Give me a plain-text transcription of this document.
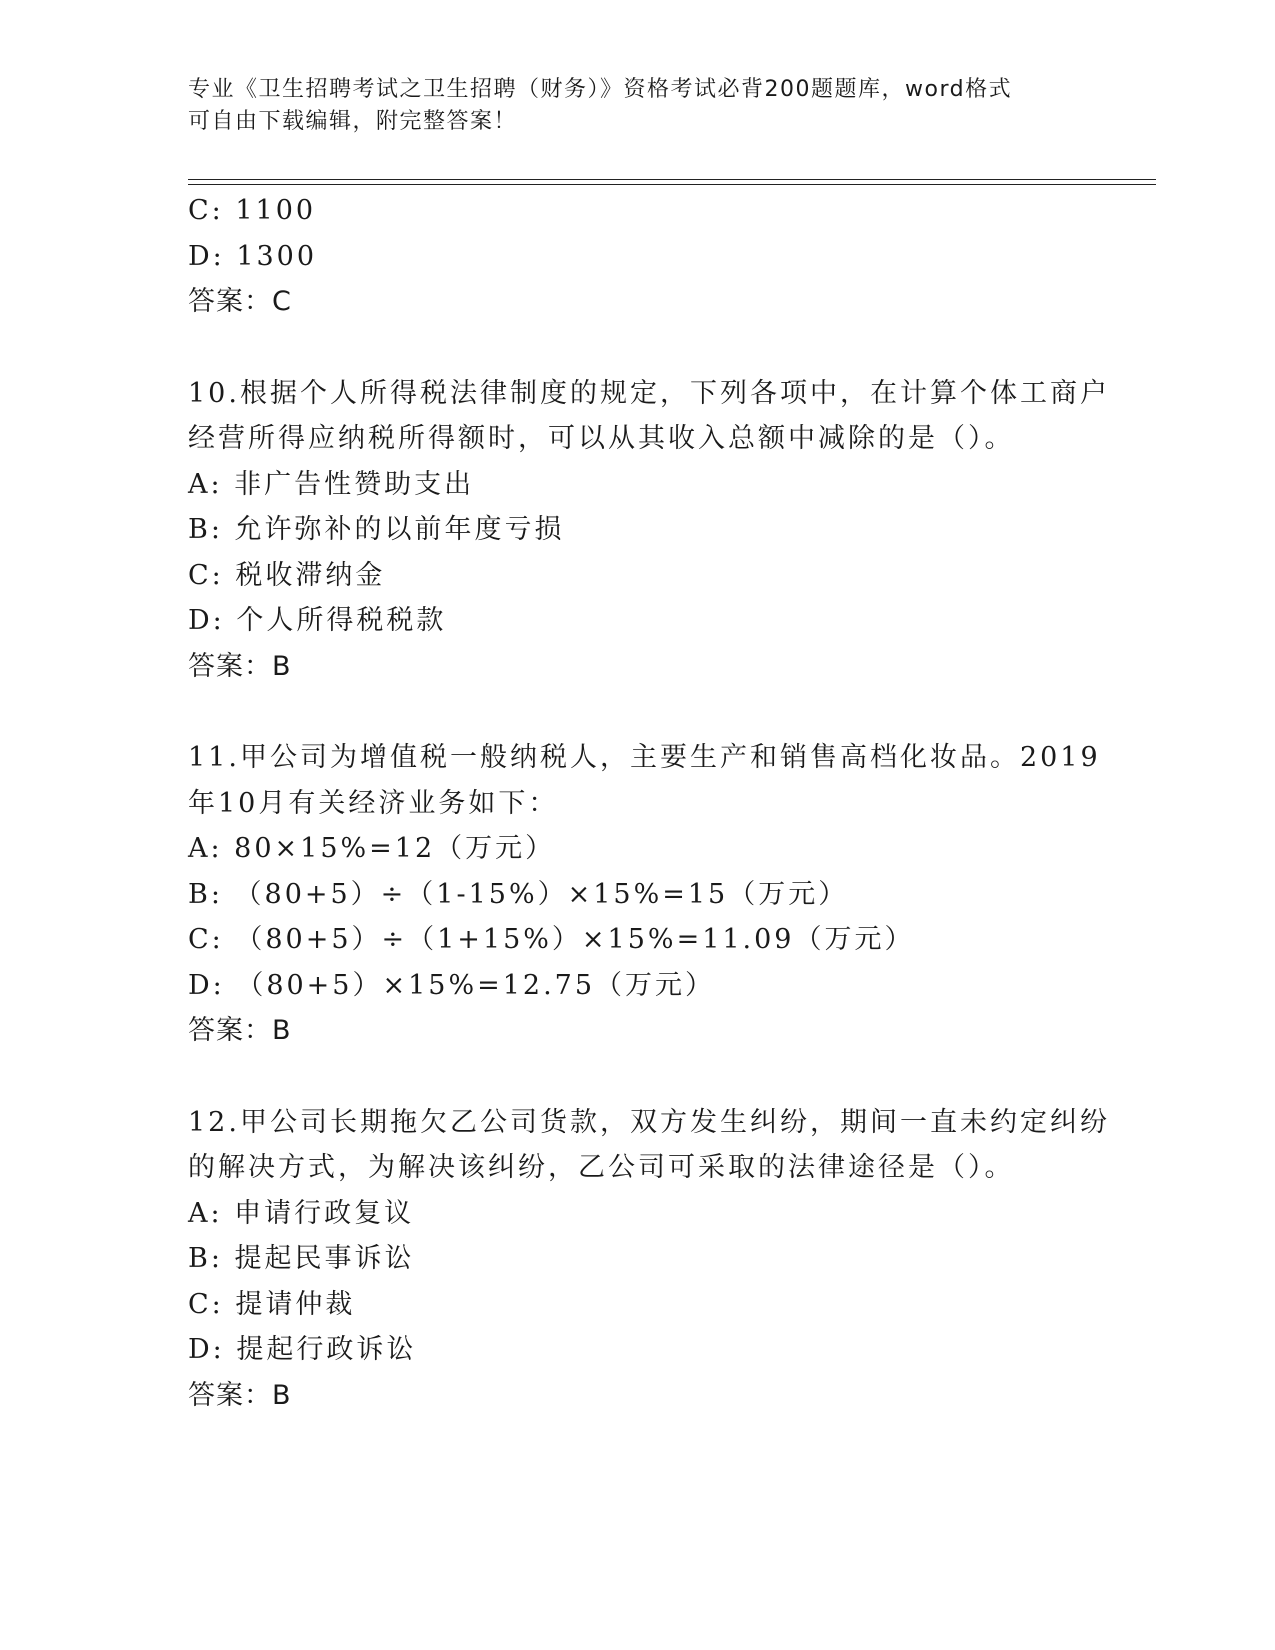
专业《卫生招聘考试之卫生招聘（财务）》资格考试必背200题题库，word格式
可自由下载编辑，附完整答案！
C: 1100
D: 1300
答案：C
10.根据个人所得税法律制度的规定，下列各项中，在计算个体工商户
经营所得应纳税所得额时，可以从其收入总额中减除的是（）。
A: 非广告性赞助支出
B: 允许弥补的以前年度亏损
C: 税收滞纳金
D: 个人所得税税款
答案：B
11.甲公司为增值税一般纳税人，主要生产和销售高档化妆品。2019
年10月有关经济业务如下：
A: 80×15%=12（万元）
B: （80+5）÷（1-15%）×15%=15（万元）
C: （80+5）÷（1+15%）×15%=11.09（万元）
D: （80+5）×15%=12.75（万元）
答案：B
12.甲公司长期拖欠乙公司货款，双方发生纠纷，期间一直未约定纠纷
的解决方式，为解决该纠纷，乙公司可采取的法律途径是（）。
A: 申请行政复议
B: 提起民事诉讼
C: 提请仲裁
D: 提起行政诉讼
答案：B
